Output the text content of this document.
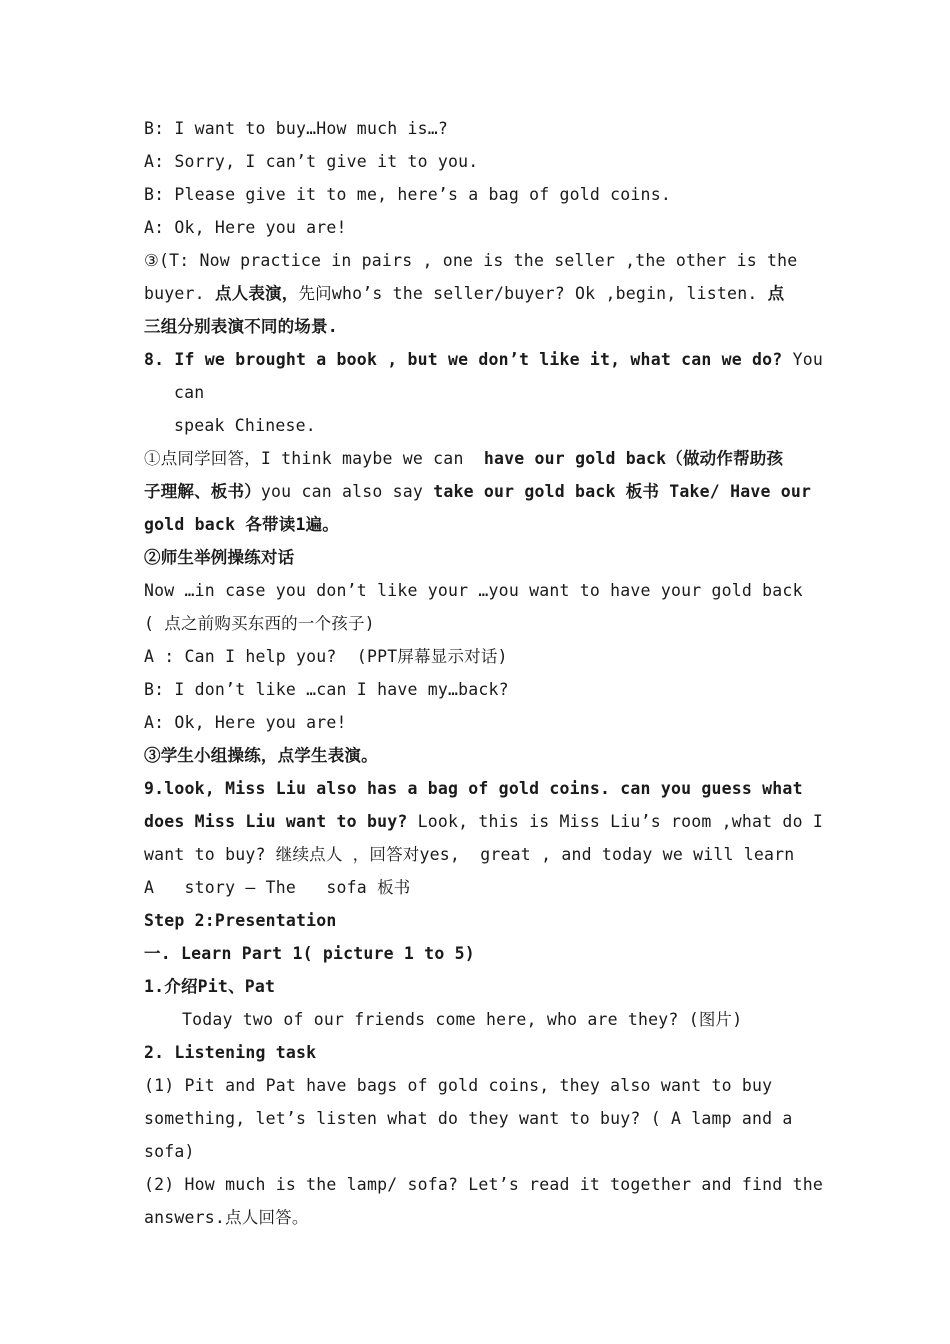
B: I want to buy…How much is…?
A: Sorry, I can’t give it to you.
B: Please give it to me, here’s a bag of gold coins.
A: Ok, Here you are!
③(T: Now practice in pairs , one is the seller ,the other is the
buyer. 点人表演，先问who’s the seller/buyer? Ok ,begin, listen. 点
三组分别表演不同的场景.
8. If we brought a book , but we don’t like it, what can we do? You
can
speak Chinese.
①点同学回答，I think maybe we can  have our gold back（做动作帮助孩
子理解、板书）you can also say take our gold back 板书 Take/ Have our
gold back 各带读1遍。
②师生举例操练对话
Now …in case you don’t like your …you want to have your gold back
( 点之前购买东西的一个孩子)
A : Can I help you?  (PPT屏幕显示对话)
B: I don’t like …can I have my…back?
A: Ok, Here you are!
③学生小组操练，点学生表演。
9.look, Miss Liu also has a bag of gold coins. can you guess what
does Miss Liu want to buy? Look, this is Miss Liu’s room ,what do I
want to buy? 继续点人 ，回答对yes,  great , and today we will learn
A   story – The   sofa 板书
Step 2:Presentation
一. Learn Part 1( picture 1 to 5)
1.介绍Pit、Pat
Today two of our friends come here, who are they? (图片)
2. Listening task
(1) Pit and Pat have bags of gold coins, they also want to buy
something, let’s listen what do they want to buy? ( A lamp and a
sofa)
(2) How much is the lamp/ sofa? Let’s read it together and find the
answers.点人回答。
